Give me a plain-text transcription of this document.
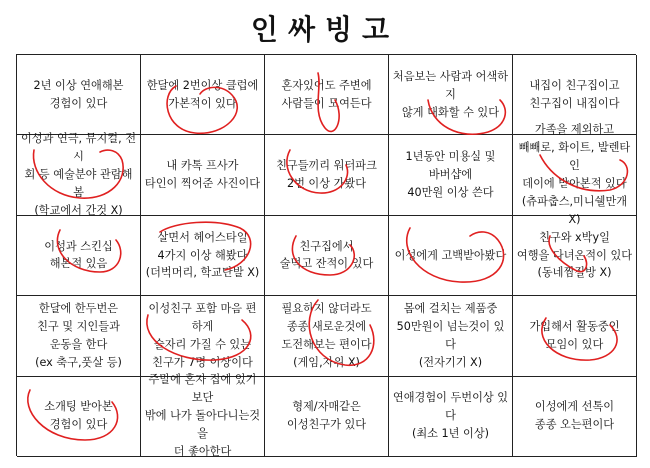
인싸빙고
2년 이상 연애해본
경험이 있다
한달에 2번이상 클럽에
가본적이 있다
혼자있어도 주변에
사람들이 모여든다
처음보는 사람과 어색하지
않게 대화할 수 있다
내집이 친구집이고
친구집이 내집이다
이성과 연극, 뮤지컬, 전시
회 등 예술분야 관람해봄
(학교에서 간것 X)
내 카톡 프사가
타인이 찍어준 사진이다
친구들끼리 워터파크
2번 이상 가봤다
1년동안 미용실 및
바버샵에
40만원 이상 쓴다
가족을 제외하고
빼빼로, 화이트, 발렌타인
데이에 받아본적 있다
(츄파춥스,미니쉘만개 X)
이성과 스킨십
해본적 있음
살면서 헤어스타일
4가지 이상 해봤다
(더벅머리, 학교단발 X)
친구집에서
술먹고 잔적이 있다
이성에게 고백받아봤다
친구와 x박y일
여행을 다녀온적이 있다
(동네찜질방 X)
한달에 한두번은
친구 및 지인들과
운동을 한다
(ex 축구,풋살 등)
이성친구 포함 마음 편하게
술자리 가질 수 있는
친구가 7명 이상이다
필요하지 않더라도
종종 새로운것에
도전해보는 편이다
(게임,자위 X)
몸에 걸치는 제품중
50만원이 넘는것이 있다
(전자기기 X)
가입해서 활동중인
모임이 있다
소개팅 받아본
경험이 있다
주말에 혼자 집에 있기보단
밖에 나가 돌아다니는것을
더 좋아한다
형제/자매같은
이성친구가 있다
연애경험이 두번이상 있다
(최소 1년 이상)
이성에게 선톡이
종종 오는편이다
